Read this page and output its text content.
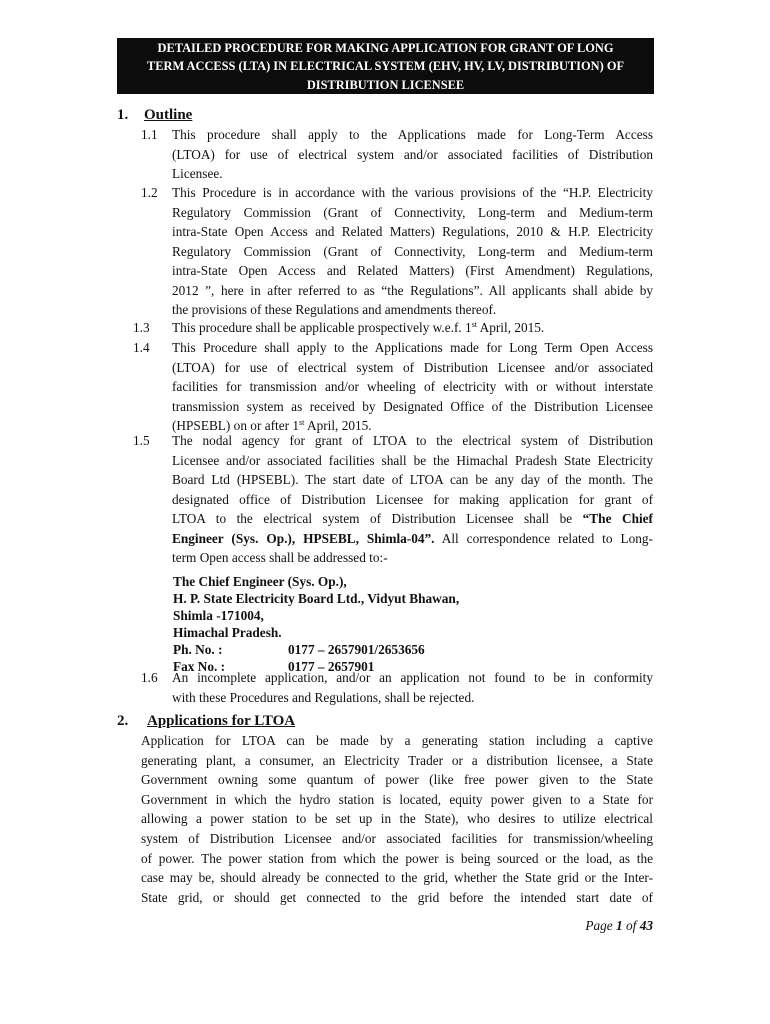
DETAILED PROCEDURE FOR MAKING APPLICATION FOR GRANT OF LONG
TERM ACCESS (LTA) IN ELECTRICAL SYSTEM (EHV, HV, LV, DISTRIBUTION) OF
DISTRIBUTION LICENSEE
1. Outline
1.1 This procedure shall apply to the Applications made for Long-Term Access
(LTOA) for use of electrical system and/or associated facilities of Distribution
Licensee.
1.2 This Procedure is in accordance with the various provisions of the “H.P. Electricity
Regulatory Commission (Grant of Connectivity, Long-term and Medium-term
intra-State Open Access and Related Matters) Regulations, 2010 & H.P. Electricity
Regulatory Commission (Grant of Connectivity, Long-term and Medium-term
intra-State Open Access and Related Matters) (First Amendment) Regulations,
2012 ”, here in after referred to as “the Regulations”. All applicants shall abide by
the provisions of these Regulations and amendments thereof.
1.3 This procedure shall be applicable prospectively w.e.f. 1st April, 2015.
1.4 This Procedure shall apply to the Applications made for Long Term Open Access
(LTOA) for use of electrical system of Distribution Licensee and/or associated
facilities for transmission and/or wheeling of electricity with or without interstate
transmission system as received by Designated Office of the Distribution Licensee
(HPSEBL) on or after 1st April, 2015.
1.5 The nodal agency for grant of LTOA to the electrical system of Distribution
Licensee and/or associated facilities shall be the Himachal Pradesh State Electricity
Board Ltd (HPSEBL). The start date of LTOA can be any day of the month. The
designated office of Distribution Licensee for making application for grant of
LTOA to the electrical system of Distribution Licensee shall be “The Chief
Engineer (Sys. Op.), HPSEBL, Shimla-04”. All correspondence related to Long-
term Open access shall be addressed to:-
The Chief Engineer (Sys. Op.),
H. P. State Electricity Board Ltd., Vidyut Bhawan,
Shimla -171004,
Himachal Pradesh.
Ph. No. :	0177 – 2657901/2653656
Fax No. :	0177 – 2657901
1.6 An incomplete application, and/or an application not found to be in conformity
with these Procedures and Regulations, shall be rejected.
2. Applications for LTOA
Application for LTOA can be made by a generating station including a captive
generating plant, a consumer, an Electricity Trader or a distribution licensee, a State
Government owning some quantum of power (like free power given to the State
Government in which the hydro station is located, equity power given to a State for
allowing a power station to be set up in the State), who desires to utilize electrical
system of Distribution Licensee and/or associated facilities for transmission/wheeling
of power. The power station from which the power is being sourced or the load, as the
case may be, should already be connected to the grid, whether the State grid or the Inter-
State grid, or should get connected to the grid before the intended start date of
Page 1 of 43
